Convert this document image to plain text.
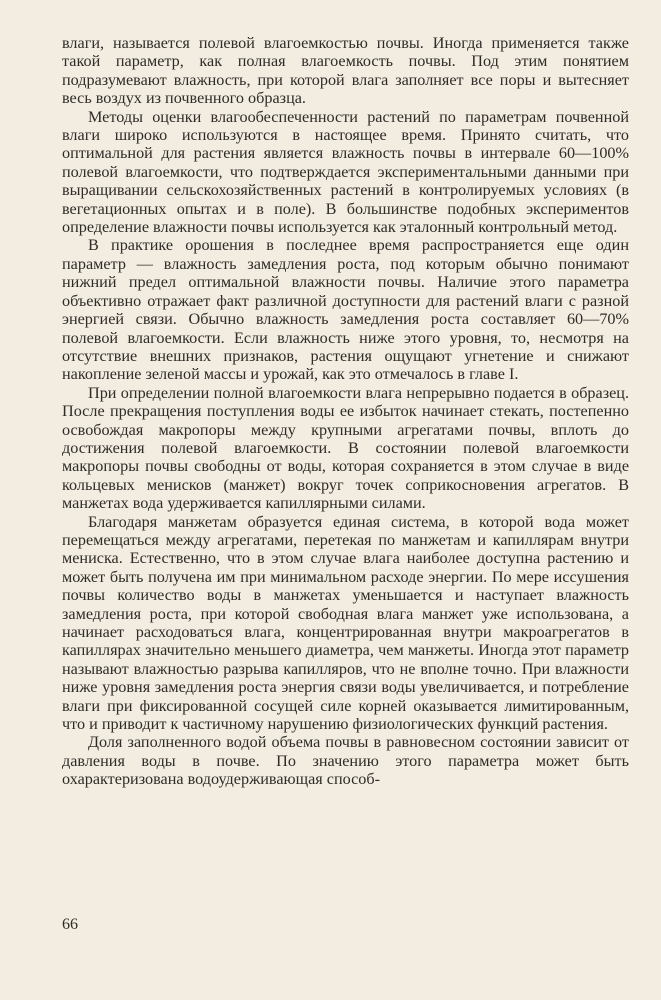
влаги, называется полевой влагоемкостью почвы. Иногда применяется также такой параметр, как полная влагоемкость почвы. Под этим понятием подразумевают влажность, при которой влага заполняет все поры и вытесняет весь воздух из почвенного образца.

Методы оценки влагообеспеченности растений по параметрам почвенной влаги широко используются в настоящее время. Принято считать, что оптимальной для растения является влажность почвы в интервале 60—100% полевой влагоемкости, что подтверждается экспериментальными данными при выращивании сельскохозяйственных растений в контролируемых условиях (в вегетационных опытах и в поле). В большинстве подобных экспериментов определение влажности почвы используется как эталонный контрольный метод.

В практике орошения в последнее время распространяется еще один параметр — влажность замедления роста, под которым обычно понимают нижний предел оптимальной влажности почвы. Наличие этого параметра объективно отражает факт различной доступности для растений влаги с разной энергией связи. Обычно влажность замедления роста составляет 60—70% полевой влагоемкости. Если влажность ниже этого уровня, то, несмотря на отсутствие внешних признаков, растения ощущают угнетение и снижают накопление зеленой массы и урожай, как это отмечалось в главе I.

При определении полной влагоемкости влага непрерывно подается в образец. После прекращения поступления воды ее избыток начинает стекать, постепенно освобождая макропоры между крупными агрегатами почвы, вплоть до достижения полевой влагоемкости. В состоянии полевой влагоемкости макропоры почвы свободны от воды, которая сохраняется в этом случае в виде кольцевых менисков (манжет) вокруг точек соприкосновения агрегатов. В манжетах вода удерживается капиллярными силами.

Благодаря манжетам образуется единая система, в которой вода может перемещаться между агрегатами, перетекая по манжетам и капиллярам внутри мениска. Естественно, что в этом случае влага наиболее доступна растению и может быть получена им при минимальном расходе энергии. По мере иссушения почвы количество воды в манжетах уменьшается и наступает влажность замедления роста, при которой свободная влага манжет уже использована, а начинает расходоваться влага, концентрированная внутри макроагрегатов в капиллярах значительно меньшего диаметра, чем манжеты. Иногда этот параметр называют влажностью разрыва капилляров, что не вполне точно. При влажности ниже уровня замедления роста энергия связи воды увеличивается, и потребление влаги при фиксированной сосущей силе корней оказывается лимитированным, что и приводит к частичному нарушению физиологических функций растения.

Доля заполненного водой объема почвы в равновесном состоянии зависит от давления воды в почве. По значению этого параметра может быть охарактеризована водоудерживающая способ-

66
